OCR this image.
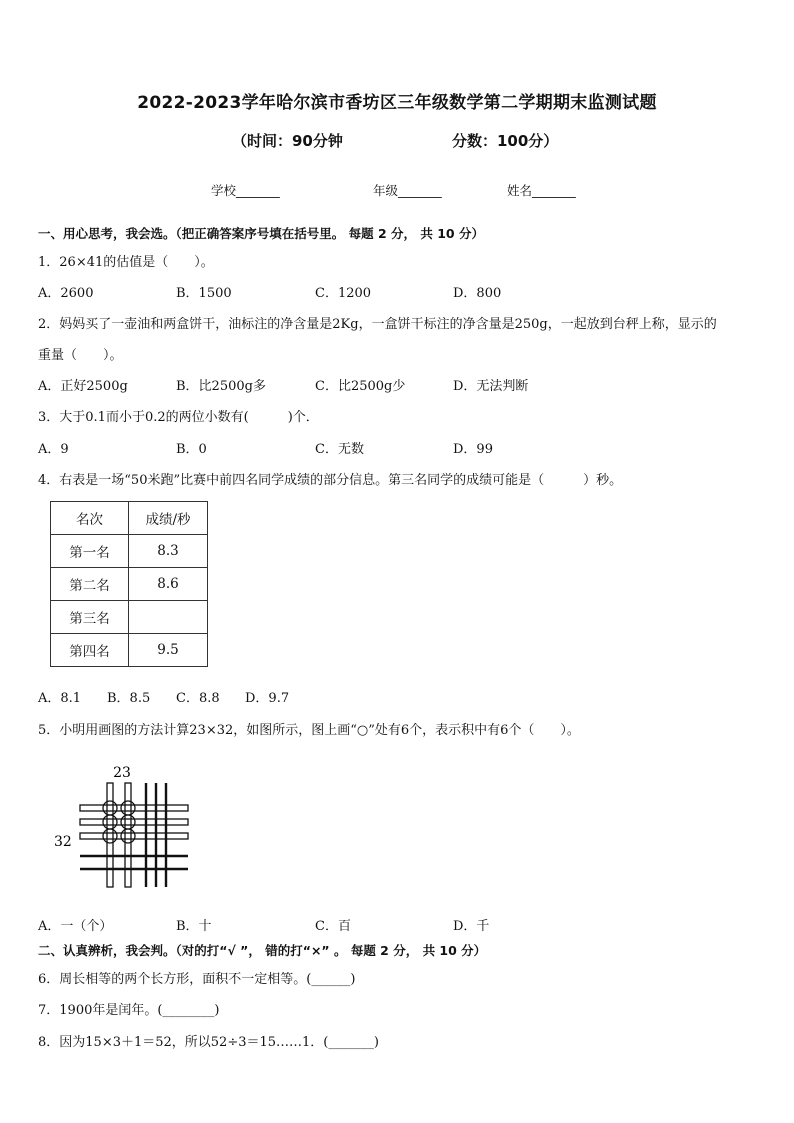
2022-2023学年哈尔滨市香坊区三年级数学第二学期期末监测试题
（时间：90分钟	分数：100分）
学校_______	年级_______	姓名_______
一、用心思考，我会选。（把正确答案序号填在括号里。 每题 2 分， 共 10 分）
1．26×41的估值是（　　）。
A．2600	B．1500	C．1200	D．800
2．妈妈买了一壶油和两盒饼干，油标注的净含量是2Kg，一盒饼干标注的净含量是250g，一起放到台秤上称，显示的
重量（　　）。
A．正好2500g	B．比2500g多	C．比2500g少	D．无法判断
3．大于0.1而小于0.2的两位小数有(　　　)个．
A．9	B．0	C．无数	D．99
4．右表是一场“50米跑”比赛中前四名同学成绩的部分信息。第三名同学的成绩可能是（　　　）秒。
名次	成绩/秒
第一名	8.3
第二名	8.6
第三名	
第四名	9.5
A．8.1 B．8.5 C．8.8 D．9.7
5．小明用画图的方法计算23×32，如图所示，图上画“○”处有6个，表示积中有6个（　　）。
23
32
A．一（个）	B．十	C．百	D．千
二、认真辨析，我会判。（对的打“√ ”， 错的打“×” 。 每题 2 分， 共 10 分）
6．周长相等的两个长方形，面积不一定相等。(______)
7．1900年是闰年。(________)
8．因为15×3＋1＝52，所以52÷3＝15……1．(_______)
